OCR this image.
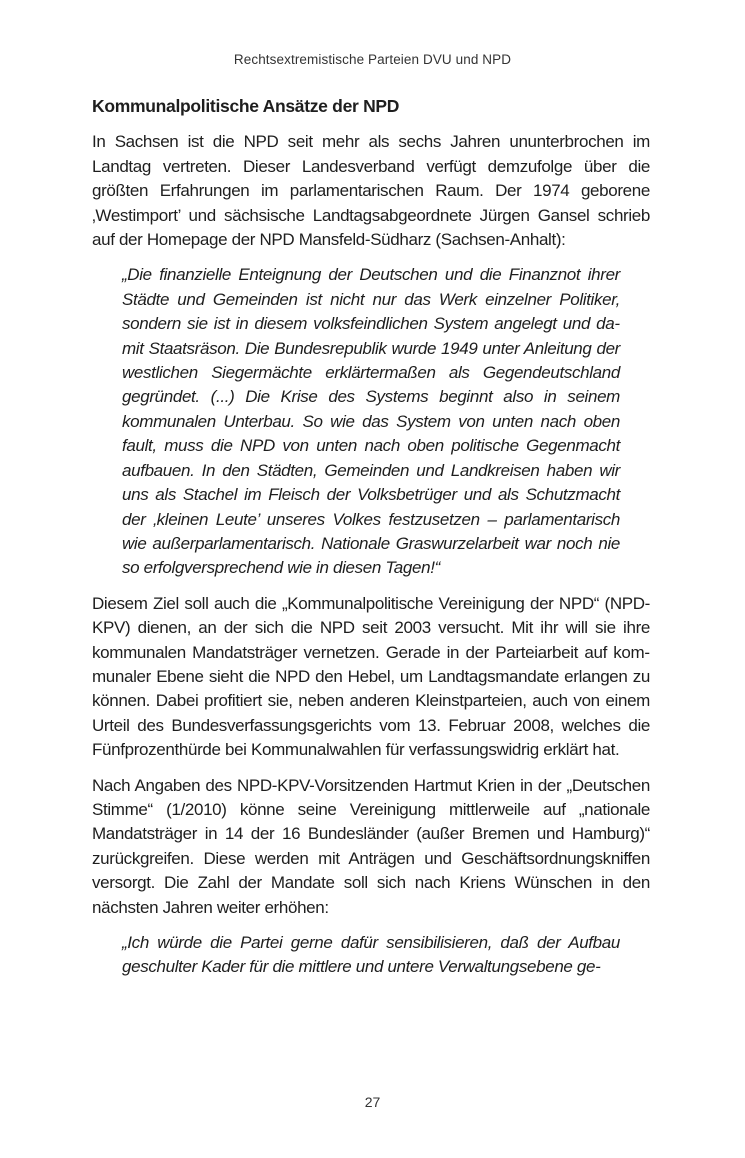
Rechtsextremistische Parteien DVU und NPD
Kommunalpolitische Ansätze der NPD

In Sachsen ist die NPD seit mehr als sechs Jahren ununterbrochen im Landtag vertreten. Dieser Landesverband verfügt demzufolge über die größten Erfahrungen im parlamentarischen Raum. Der 1974 geborene ‚Westimport’ und sächsische Landtagsabgeordnete Jürgen Gansel schrieb auf der Homepage der NPD Mansfeld-Südharz (Sachsen-Anhalt):

„Die finanzielle Enteignung der Deutschen und die Finanznot ihrer Städte und Gemeinden ist nicht nur das Werk einzelner Politiker, sondern sie ist in diesem volksfeindlichen System angelegt und damit Staatsräson. Die Bundesrepublik wurde 1949 unter Anleitung der westlichen Siegermächte erklärtermaßen als Gegendeutschland gegründet. (...) Die Krise des Systems beginnt also in seinem kommunalen Unterbau. So wie das System von unten nach oben fault, muss die NPD von unten nach oben politische Gegenmacht aufbauen. In den Städten, Gemeinden und Landkreisen haben wir uns als Stachel im Fleisch der Volksbetrüger und als Schutzmacht der ‚kleinen Leute’ unseres Volkes festzusetzen – parlamentarisch wie außerparlamentarisch. Nationale Graswurzelarbeit war noch nie so erfolgversprechend wie in diesen Tagen!“

Diesem Ziel soll auch die „Kommunalpolitische Vereinigung der NPD“ (NPD-KPV) dienen, an der sich die NPD seit 2003 versucht. Mit ihr will sie ihre kommunalen Mandatsträger vernetzen. Gerade in der Parteiarbeit auf kommunaler Ebene sieht die NPD den Hebel, um Landtagsmandate erlangen zu können. Dabei profitiert sie, neben anderen Kleinstparteien, auch von einem Urteil des Bundesverfassungsgerichts vom 13. Februar 2008, welches die Fünfprozenthürde bei Kommunalwahlen für verfassungswidrig erklärt hat.

Nach Angaben des NPD-KPV-Vorsitzenden Hartmut Krien in der „Deutschen Stimme“ (1/2010) könne seine Vereinigung mittlerweile auf „nationale Mandatsträger in 14 der 16 Bundesländer (außer Bremen und Hamburg)“ zurückgreifen. Diese werden mit Anträgen und Geschäftsordnungskniffen versorgt. Die Zahl der Mandate soll sich nach Kriens Wünschen in den nächsten Jahren weiter erhöhen:

„Ich würde die Partei gerne dafür sensibilisieren, daß der Aufbau geschulter Kader für die mittlere und untere Verwaltungsebene ge-

27
